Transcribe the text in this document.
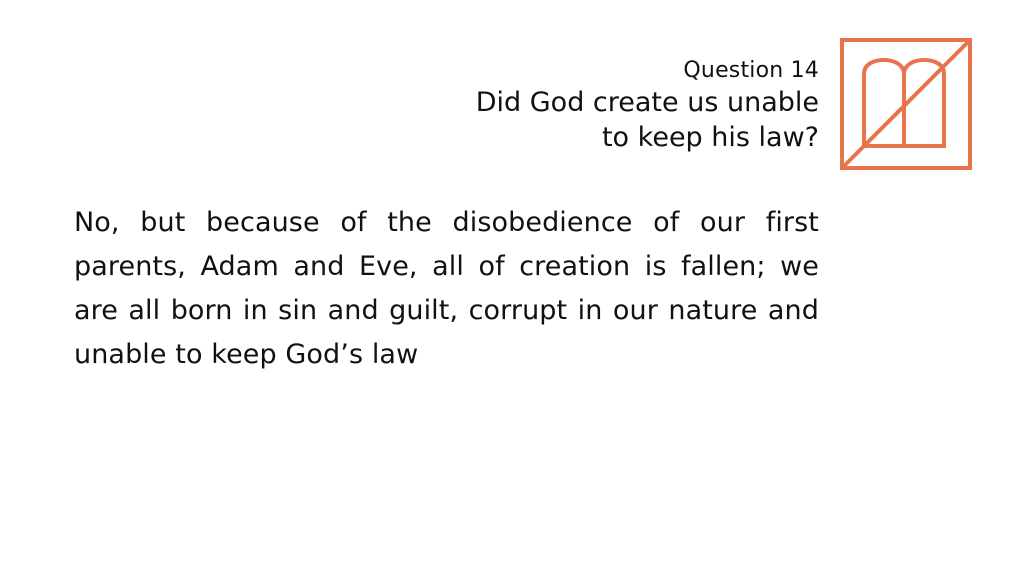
Question 14
Did God create us unable
to keep his law?
No, but because of the disobedience of our first parents, Adam and Eve, all of creation is fallen; we are all born in sin and guilt, corrupt in our nature and unable to keep God’s law
